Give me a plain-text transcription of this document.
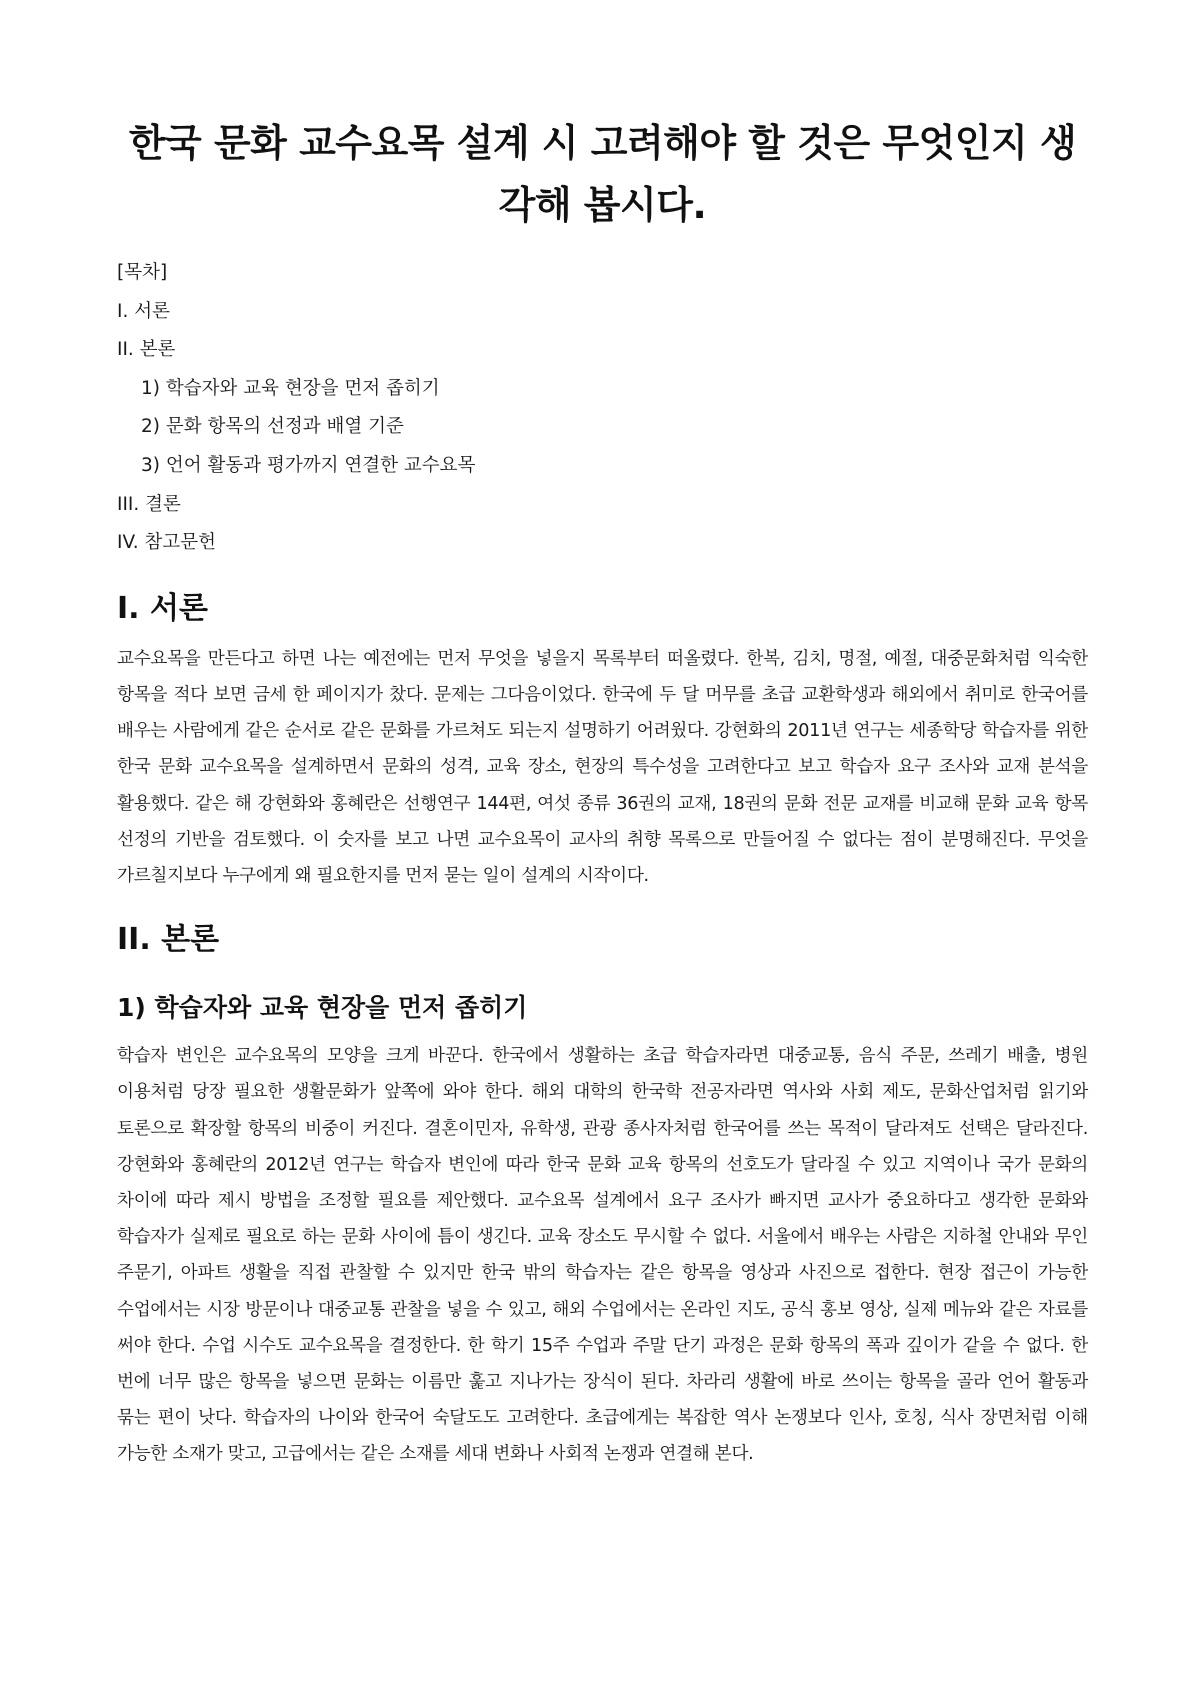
한국 문화 교수요목 설계 시 고려해야 할 것은 무엇인지 생각해 봅시다.
[목차]
I. 서론
II. 본론
1) 학습자와 교육 현장을 먼저 좁히기
2) 문화 항목의 선정과 배열 기준
3) 언어 활동과 평가까지 연결한 교수요목
III. 결론
IV. 참고문헌
I. 서론

교수요목을 만든다고 하면 나는 예전에는 먼저 무엇을 넣을지 목록부터 떠올렸다. 한복, 김치, 명절, 예절, 대중문화처럼 익숙한 항목을 적다 보면 금세 한 페이지가 찼다. 문제는 그다음이었다. 한국에 두 달 머무를 초급 교환학생과 해외에서 취미로 한국어를 배우는 사람에게 같은 순서로 같은 문화를 가르쳐도 되는지 설명하기 어려웠다. 강현화의 2011년 연구는 세종학당 학습자를 위한 한국 문화 교수요목을 설계하면서 문화의 성격, 교육 장소, 현장의 특수성을 고려한다고 보고 학습자 요구 조사와 교재 분석을 활용했다. 같은 해 강현화와 홍혜란은 선행연구 144편, 여섯 종류 36권의 교재, 18권의 문화 전문 교재를 비교해 문화 교육 항목 선정의 기반을 검토했다. 이 숫자를 보고 나면 교수요목이 교사의 취향 목록으로 만들어질 수 없다는 점이 분명해진다. 무엇을 가르칠지보다 누구에게 왜 필요한지를 먼저 묻는 일이 설계의 시작이다.

II. 본론
1) 학습자와 교육 현장을 먼저 좁히기

학습자 변인은 교수요목의 모양을 크게 바꾼다. 한국에서 생활하는 초급 학습자라면 대중교통, 음식 주문, 쓰레기 배출, 병원 이용처럼 당장 필요한 생활문화가 앞쪽에 와야 한다. 해외 대학의 한국학 전공자라면 역사와 사회 제도, 문화산업처럼 읽기와 토론으로 확장할 항목의 비중이 커진다. 결혼이민자, 유학생, 관광 종사자처럼 한국어를 쓰는 목적이 달라져도 선택은 달라진다. 강현화와 홍혜란의 2012년 연구는 학습자 변인에 따라 한국 문화 교육 항목의 선호도가 달라질 수 있고 지역이나 국가 문화의 차이에 따라 제시 방법을 조정할 필요를 제안했다. 교수요목 설계에서 요구 조사가 빠지면 교사가 중요하다고 생각한 문화와 학습자가 실제로 필요로 하는 문화 사이에 틈이 생긴다. 교육 장소도 무시할 수 없다. 서울에서 배우는 사람은 지하철 안내와 무인 주문기, 아파트 생활을 직접 관찰할 수 있지만 한국 밖의 학습자는 같은 항목을 영상과 사진으로 접한다. 현장 접근이 가능한 수업에서는 시장 방문이나 대중교통 관찰을 넣을 수 있고, 해외 수업에서는 온라인 지도, 공식 홍보 영상, 실제 메뉴와 같은 자료를 써야 한다. 수업 시수도 교수요목을 결정한다. 한 학기 15주 수업과 주말 단기 과정은 문화 항목의 폭과 깊이가 같을 수 없다. 한 번에 너무 많은 항목을 넣으면 문화는 이름만 훑고 지나가는 장식이 된다. 차라리 생활에 바로 쓰이는 항목을 골라 언어 활동과 묶는 편이 낫다. 학습자의 나이와 한국어 숙달도도 고려한다. 초급에게는 복잡한 역사 논쟁보다 인사, 호칭, 식사 장면처럼 이해 가능한 소재가 맞고, 고급에서는 같은 소재를 세대 변화나 사회적 논쟁과 연결해 본다.
